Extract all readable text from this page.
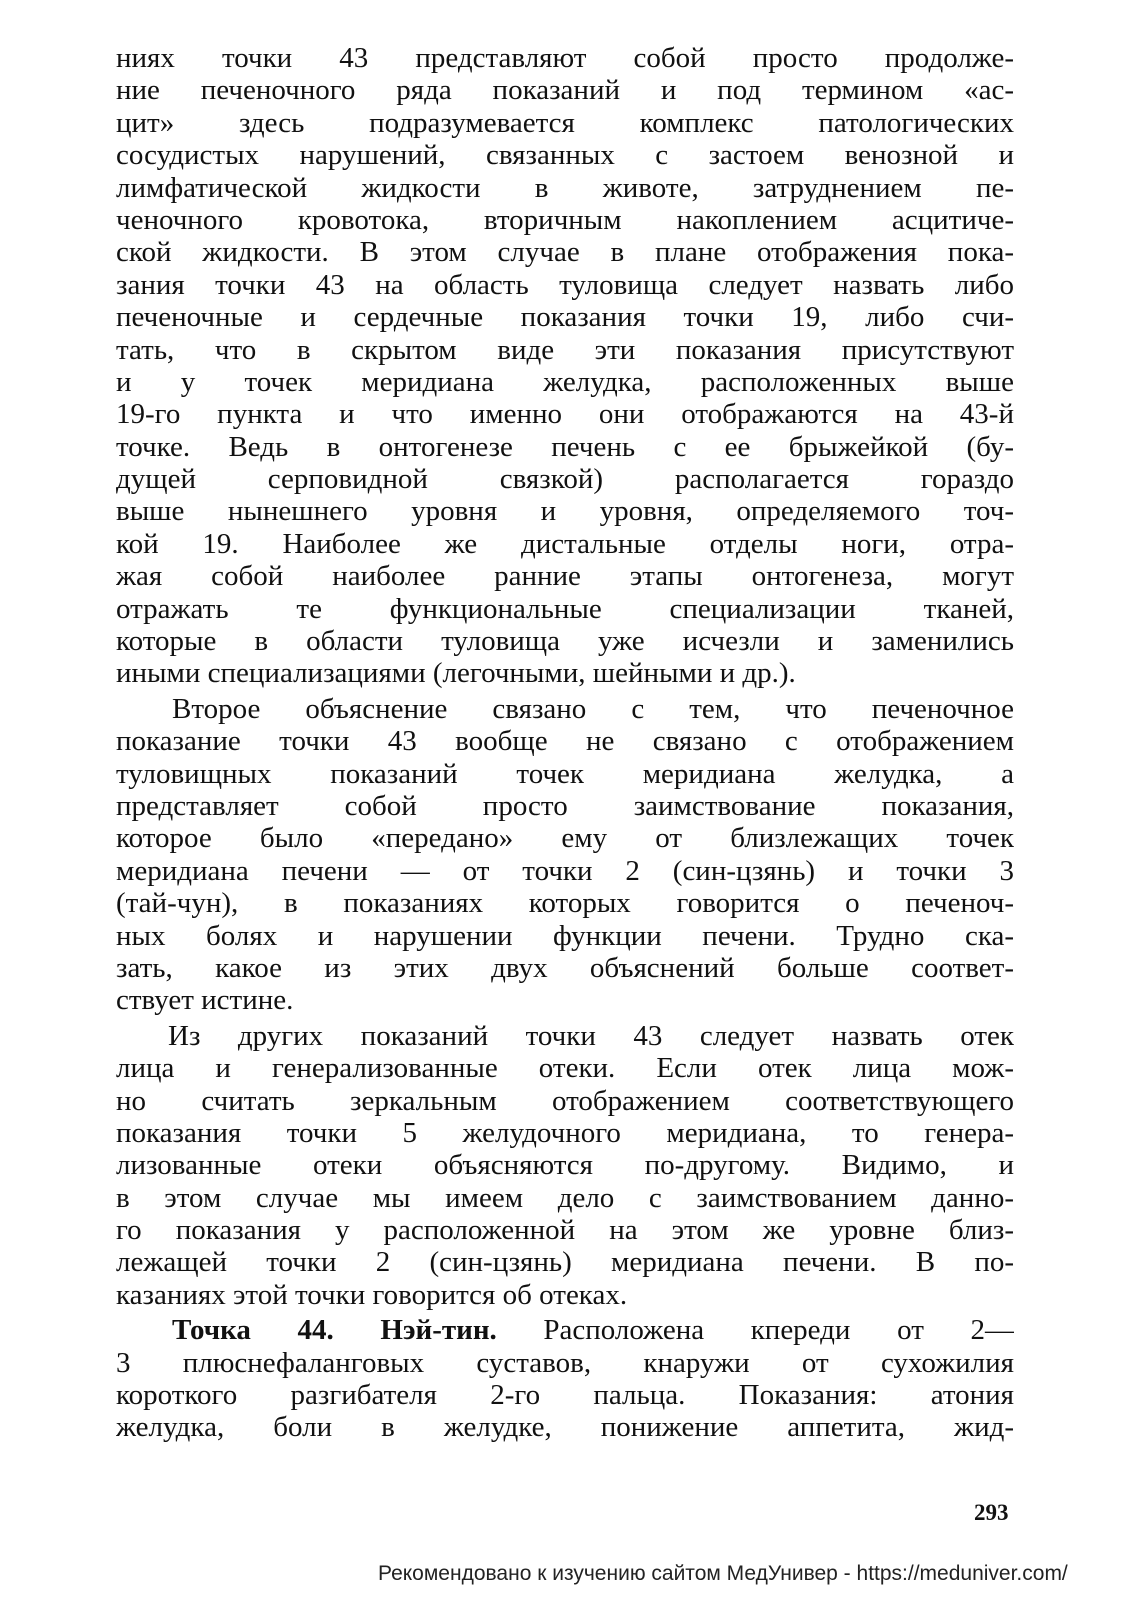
ниях точки 43 представляют собой просто продолже-
ние печеночного ряда показаний и под термином «ас-
цит» здесь подразумевается комплекс патологических
сосудистых нарушений, связанных с застоем венозной и
лимфатической жидкости в животе, затруднением пе-
ченочного кровотока, вторичным накоплением асцитиче-
ской жидкости. В этом случае в плане отображения пока-
зания точки 43 на область туловища следует назвать либо
печеночные и сердечные показания точки 19, либо счи-
тать, что в скрытом виде эти показания присутствуют
и у точек меридиана желудка, расположенных выше
19-го пункта и что именно они отображаются на 43-й
точке. Ведь в онтогенезе печень с ее брыжейкой (бу-
дущей серповидной связкой) располагается гораздо
выше нынешнего уровня и уровня, определяемого точ-
кой 19. Наиболее же дистальные отделы ноги, отра-
жая собой наиболее ранние этапы онтогенеза, могут
отражать те функциональные специализации тканей,
которые в области туловища уже исчезли и заменились
иными специализациями (легочными, шейными и др.).
Второе объяснение связано с тем, что печеночное
показание точки 43 вообще не связано с отображением
туловищных показаний точек меридиана желудка, а
представляет собой просто заимствование показания,
которое было «передано» ему от близлежащих точек
меридиана печени — от точки 2 (син-цзянь) и точки 3
(тай-чун), в показаниях которых говорится о печеноч-
ных болях и нарушении функции печени. Трудно ска-
зать, какое из этих двух объяснений больше соответ-
ствует истине.
Из других показаний точки 43 следует назвать отек
лица и генерализованные отеки. Если отек лица мож-
но считать зеркальным отображением соответствующего
показания точки 5 желудочного меридиана, то генера-
лизованные отеки объясняются по-другому. Видимо, и
в этом случае мы имеем дело с заимствованием данно-
го показания у расположенной на этом же уровне близ-
лежащей точки 2 (син-цзянь) меридиана печени. В по-
казаниях этой точки говорится об отеках.
Точка 44. Нэй-тин. Расположена кпереди от 2—
3 плюснефаланговых суставов, кнаружи от сухожилия
короткого разгибателя 2-го пальца. Показания: атония
желудка, боли в желудке, понижение аппетита, жид-
293
Рекомендовано к изучению сайтом МедУнивер - https://meduniver.com/
